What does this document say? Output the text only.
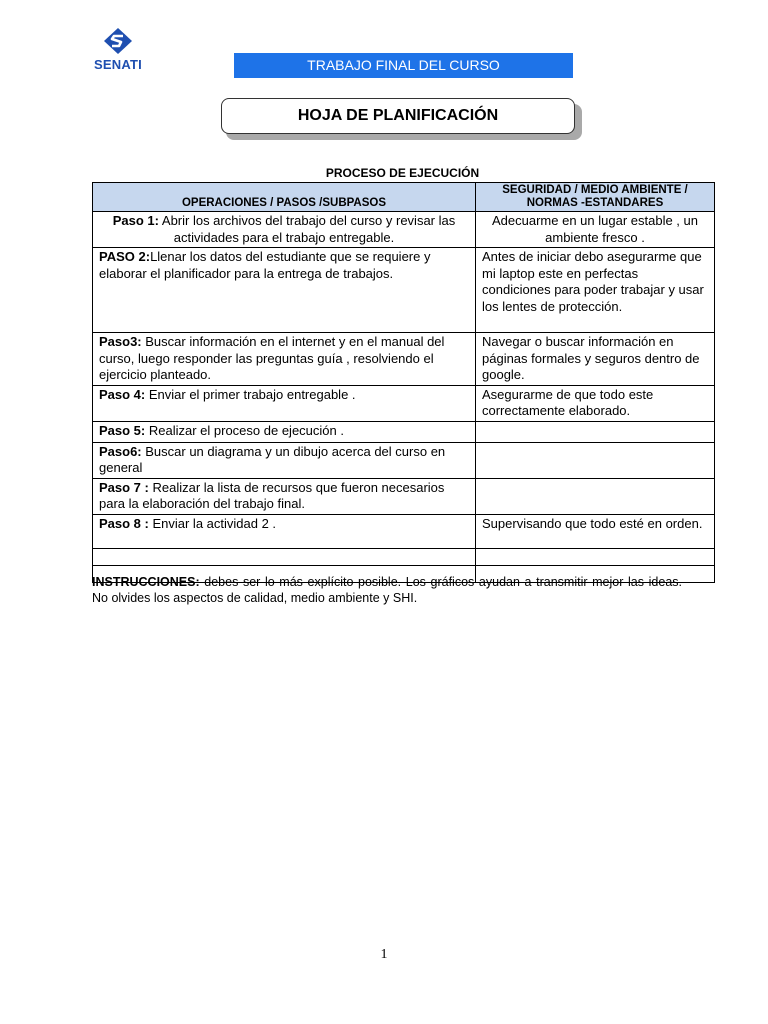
SENATI	TRABAJO FINAL DEL CURSO
HOJA DE PLANIFICACIÓN
PROCESO DE EJECUCIÓN
OPERACIONES / PASOS /SUBPASOS	SEGURIDAD / MEDIO AMBIENTE /
NORMAS -ESTANDARES
Paso 1: Abrir los archivos del trabajo del curso y revisar las actividades para el trabajo entregable.	Adecuarme en un lugar estable , un ambiente fresco .
PASO 2:Llenar los datos del estudiante que se requiere y elaborar el planificador para la entrega de trabajos.	Antes de iniciar debo asegurarme que mi laptop este en perfectas condiciones para poder trabajar y usar los lentes de protección.
Paso3: Buscar información en el internet y en el manual del curso, luego responder las preguntas guía , resolviendo el ejercicio planteado.	Navegar o buscar información en páginas formales y seguros dentro de google.
Paso 4: Enviar el primer trabajo entregable .	Asegurarme de que todo este correctamente elaborado.
Paso 5: Realizar el proceso de ejecución .	
Paso6: Buscar un diagrama y un dibujo acerca del curso en general	
Paso 7 : Realizar la lista de recursos que fueron necesarios para la elaboración del trabajo final.	
Paso 8 : Enviar la actividad 2 .	Supervisando que todo esté en orden.

INSTRUCCIONES: debes ser lo más explícito posible. Los gráficos ayudan a transmitir mejor las ideas. No olvides los aspectos de calidad, medio ambiente y SHI.
1
